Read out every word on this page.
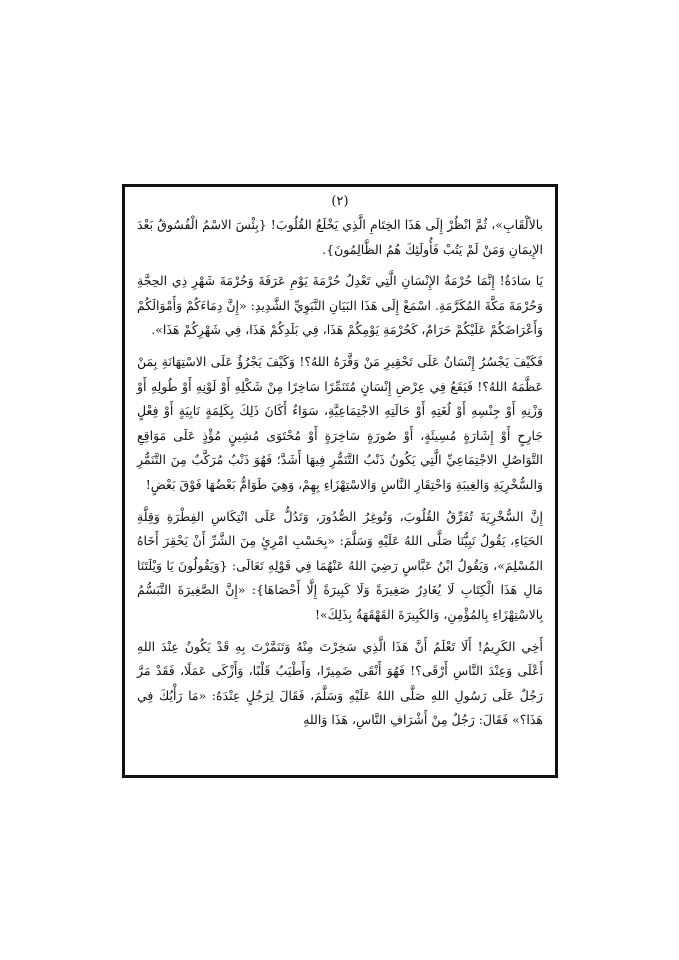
(٢)

بالألْقَابِ»، ثُمَّ انْظُرْ إِلَى هَذَا الخِتَامِ الَّذِي يَخْلَعُ القُلُوبَ! {بِئْسَ الاسْمُ الْفُسُوقُ بَعْدَ الإِيمَانِ وَمَنْ لَمْ يَتُبْ فَأُولَئِكَ هُمُ الظَّالِمُونَ}.

يَا سَادَةُ! إِنَّمَا حُرْمَةُ الإِنْسَانِ الَّتِي تَعْدِلُ حُرْمَةَ يَوْمِ عَرَفَةَ وَحُرْمَةَ شَهْرِ ذِي الحِجَّةِ وَحُرْمَةَ مَكَّةَ المُكَرَّمَةِ. اسْمَعْ إِلَى هَذَا البَيَانِ النَّبَوِيِّ الشَّدِيدِ: «إِنَّ دِمَاءَكُمْ وَأَمْوَالَكُمْ وَأَعْرَاضَكُمْ عَلَيْكُمْ حَرَامٌ، كَحُرْمَةِ يَوْمِكُمْ هَذَا، فِي بَلَدِكُمْ هَذَا، فِي شَهْرِكُمْ هَذَا».

فَكَيْفَ يَجْسُرُ إِنْسَانٌ عَلَى تَحْقِيرِ مَنْ وَقَّرَهُ اللهُ؟! وَكَيْفَ يَجْرُؤُ عَلَى الاسْتِهَانَةِ بِمَنْ عَظَّمَهُ اللهُ؟! فَيَقَعُ فِي عِرْضِ إِنْسَانٍ مُتَنَمِّرًا سَاخِرًا مِنْ شَكْلِهِ أَوْ لَوْنِهِ أَوْ طُولِهِ أَوْ وَزْنِهِ أَوْ جِنْسِهِ أَوْ لُغَتِهِ أَوْ حَالَتِهِ الاجْتِمَاعِيَّةِ، سَوَاءٌ أَكَانَ ذَلِكَ بِكَلِمَةٍ نَابِيَةٍ أَوْ فِعْلٍ جَارِحٍ أَوْ إِشَارَةٍ مُسِيئَةٍ، أَوْ صُورَةٍ سَاخِرَةٍ أَوْ مُحْتَوَى مُشِينٍ مُؤْذٍ عَلَى مَوَاقِعِ التَّوَاصُلِ الاجْتِمَاعِيِّ الَّتِي يَكُونُ ذَنْبُ التَّنَمُّرِ فِيهَا أَشَدَّ؛ فَهُوَ ذَنْبٌ مُرَكَّبٌ مِنَ التَّنَمُّرِ وَالسُّخْرِيَةِ وَالغِيبَةِ وَاحْتِقَارِ النَّاسِ وَالاسْتِهْزَاءِ بِهِمْ، وَهِيَ طَوَامٌّ بَعْضُهَا فَوْقَ بَعْضٍ!

إِنَّ السُّخْرِيَةَ تُفَرِّقُ القُلُوبَ، وَتُوغِرُ الصُّدُورَ، وَتَدُلُّ عَلَى انْتِكَاسِ الفِطْرَةِ وَقِلَّةِ الحَيَاءِ، يَقُولُ نَبِيُّنَا صَلَّى اللهُ عَلَيْهِ وَسَلَّمَ: «بِحَسْبِ امْرِئٍ مِنَ الشَّرِّ أَنْ يَحْقِرَ أَخَاهُ المُسْلِمَ»، وَيَقُولُ ابْنُ عَبَّاسٍ رَضِيَ اللهُ عَنْهُمَا فِي قَوْلِهِ تَعَالَى: {وَيَقُولُونَ يَا وَيْلَتَنَا مَالِ هَذَا الْكِتَابِ لَا يُغَادِرُ صَغِيرَةً وَلَا كَبِيرَةً إِلَّا أَحْصَاهَا}: «إِنَّ الصَّغِيرَةَ التَّبَسُّمُ بِالاسْتِهْزَاءِ بِالمُؤْمِنِ، وَالكَبِيرَةَ القَهْقَهَةُ بِذَلِكَ»!

أَخِي الكَرِيمُ! أَلَا تَعْلَمُ أَنَّ هَذَا الَّذِي سَخِرْتَ مِنْهُ وَتَنَمَّرْتَ بِهِ قَدْ يَكُونُ عِنْدَ اللهِ أَعْلَى وَعِنْدَ النَّاسِ أَرْقَى؟! فَهُوَ أَنْقَى ضَمِيرًا، وَأَطْيَبُ قَلْبًا، وَأَزْكَى عَمَلًا، فَقَدْ مَرَّ رَجُلٌ عَلَى رَسُولِ اللهِ صَلَّى اللهُ عَلَيْهِ وَسَلَّمَ، فَقَالَ لِرَجُلٍ عِنْدَهُ: «مَا رَأْيُكَ فِي هَذَا؟» فَقَالَ: رَجُلٌ مِنْ أَشْرَافِ النَّاسِ، هَذَا وَاللهِ
